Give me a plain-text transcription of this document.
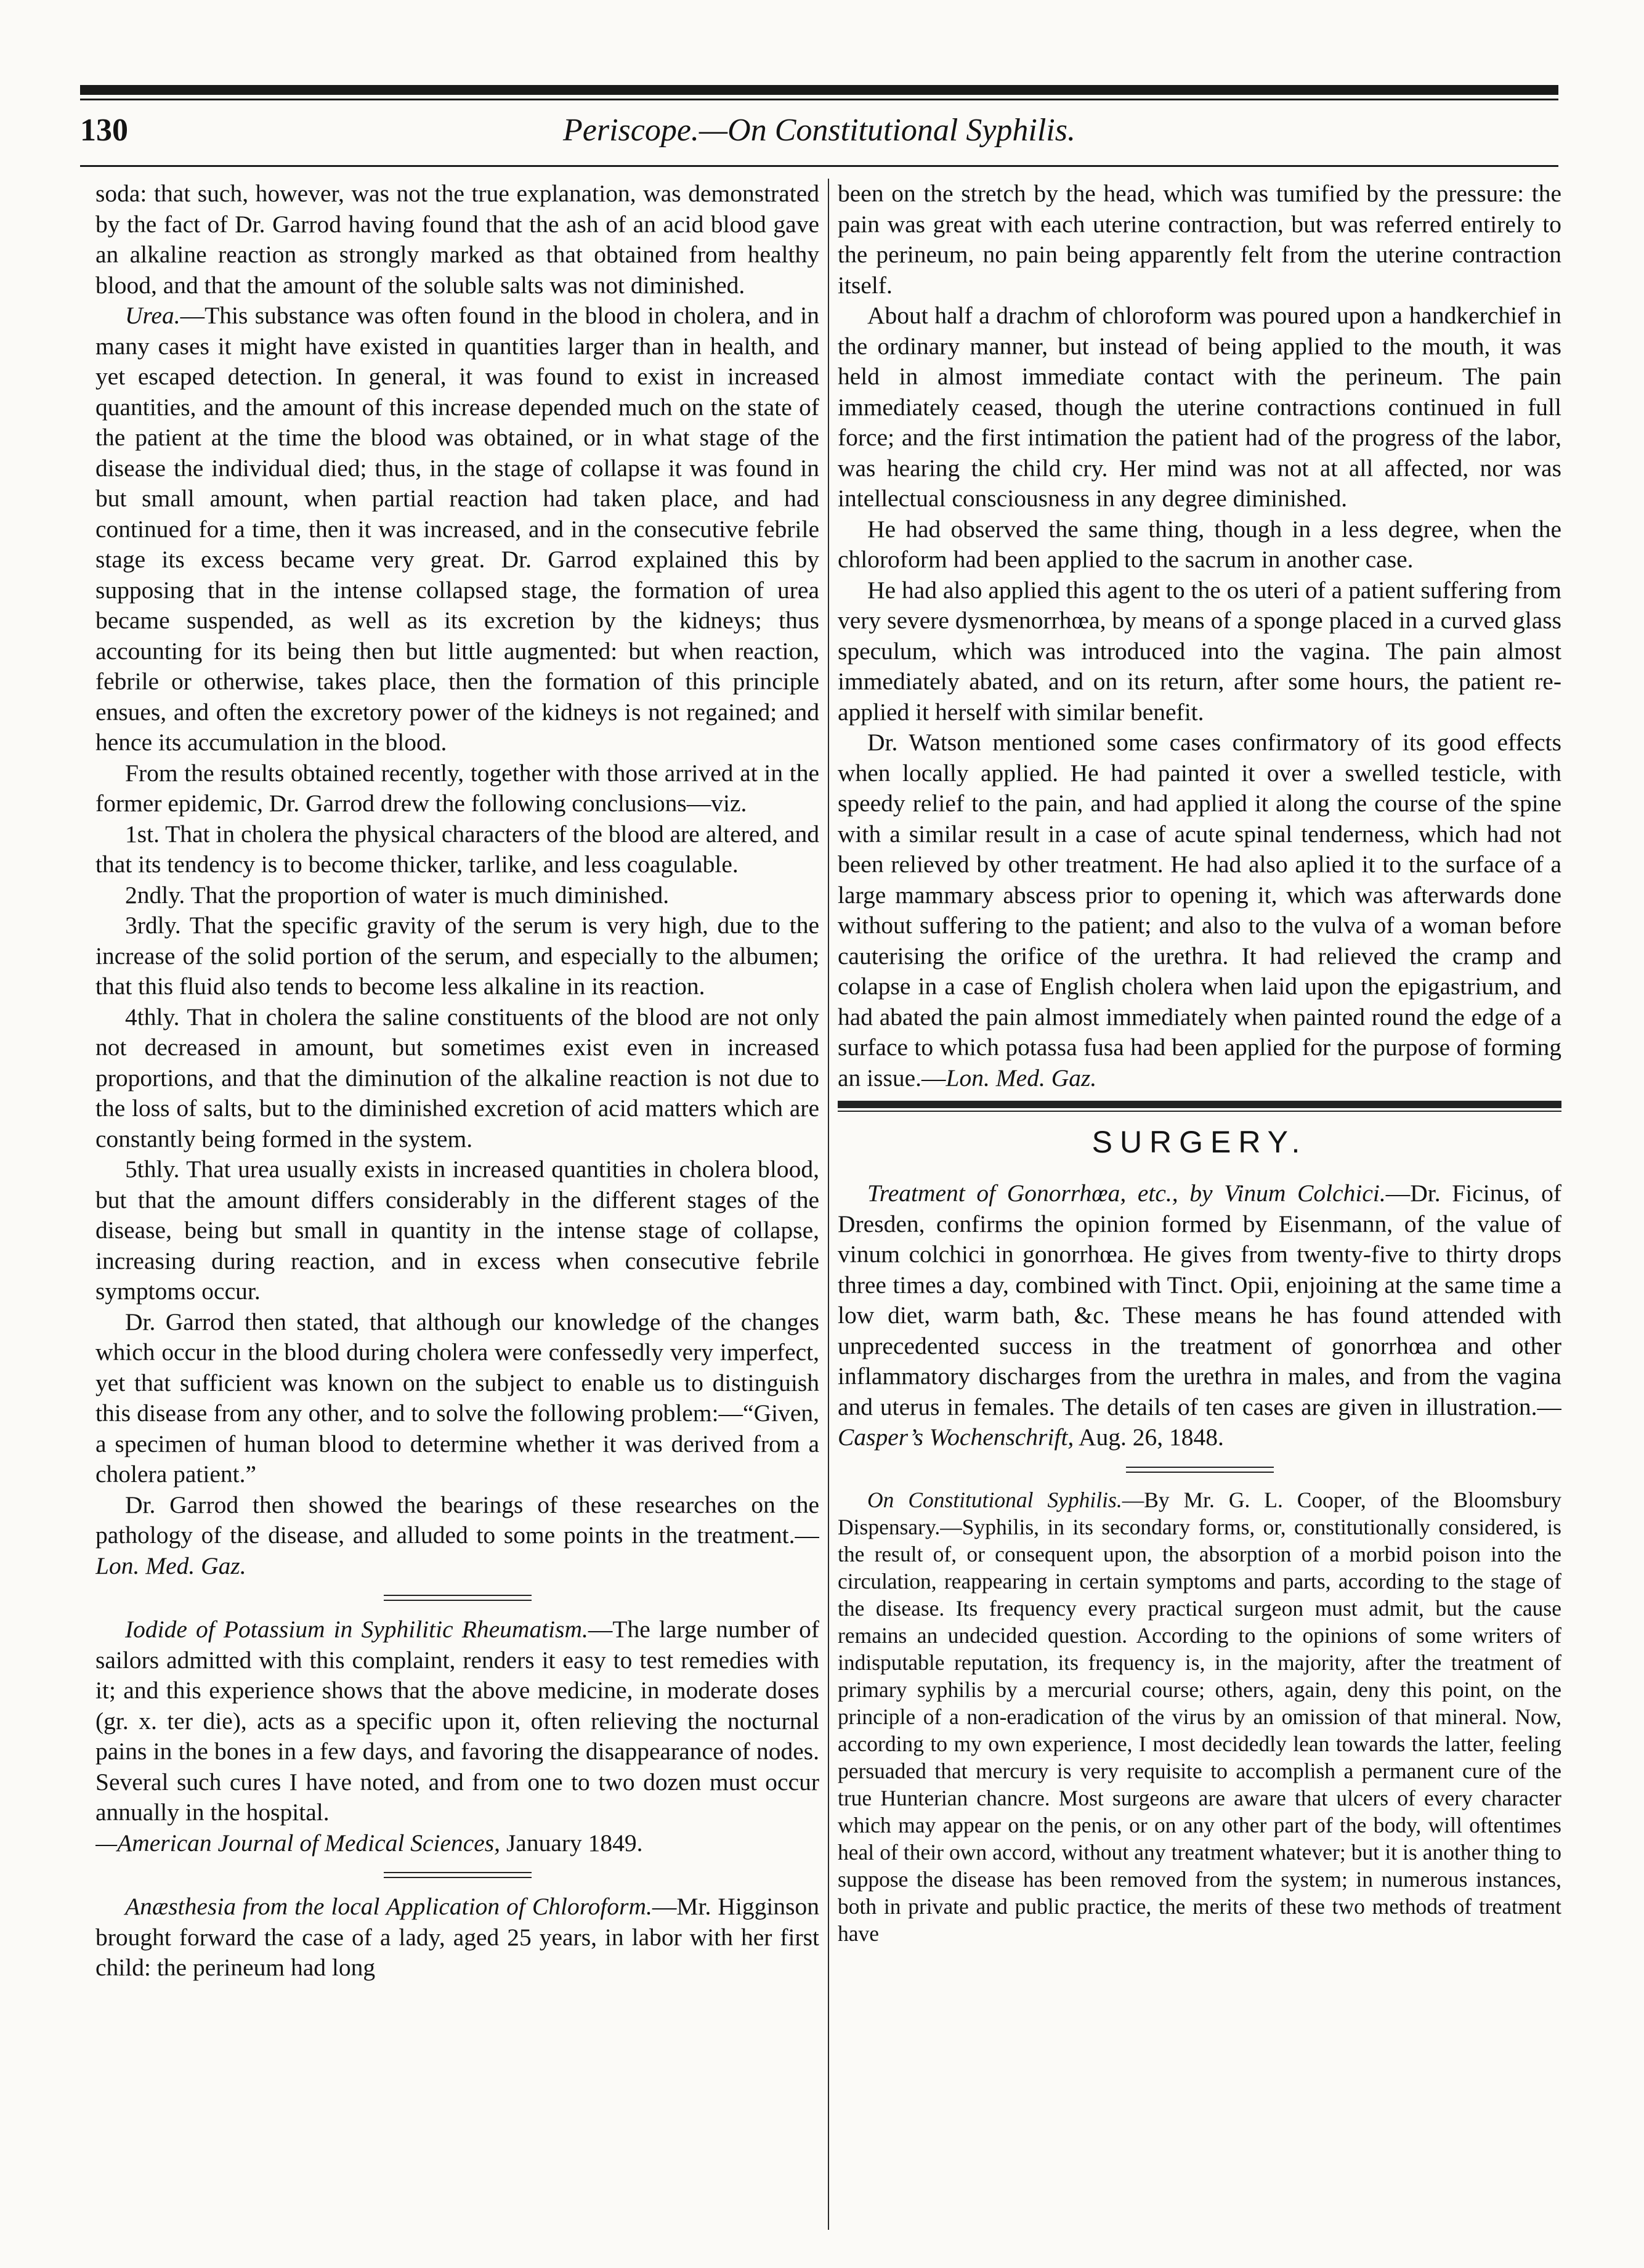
130	Periscope.—On Constitutional Syphilis.

soda: that such, however, was not the true explanation, was demonstrated by the fact of Dr. Garrod having found that the ash of an acid blood gave an alkaline reaction as strongly marked as that obtained from healthy blood, and that the amount of the soluble salts was not diminished.

Urea.—This substance was often found in the blood in cholera, and in many cases it might have existed in quantities larger than in health, and yet escaped detection. In general, it was found to exist in increased quantities, and the amount of this increase depended much on the state of the patient at the time the blood was obtained, or in what stage of the disease the individual died; thus, in the stage of collapse it was found in but small amount, when partial reaction had taken place, and had continued for a time, then it was increased, and in the consecutive febrile stage its excess became very great. Dr. Garrod explained this by supposing that in the intense collapsed stage, the formation of urea became suspended, as well as its excretion by the kidneys; thus accounting for its being then but little augmented: but when reaction, febrile or otherwise, takes place, then the formation of this principle ensues, and often the excretory power of the kidneys is not regained; and hence its accumulation in the blood.

From the results obtained recently, together with those arrived at in the former epidemic, Dr. Garrod drew the following conclusions—viz.

1st. That in cholera the physical characters of the blood are altered, and that its tendency is to become thicker, tarlike, and less coagulable.

2ndly. That the proportion of water is much diminished.

3rdly. That the specific gravity of the serum is very high, due to the increase of the solid portion of the serum, and especially to the albumen; that this fluid also tends to become less alkaline in its reaction.

4thly. That in cholera the saline constituents of the blood are not only not decreased in amount, but sometimes exist even in increased proportions, and that the diminution of the alkaline reaction is not due to the loss of salts, but to the diminished excretion of acid matters which are constantly being formed in the system.

5thly. That urea usually exists in increased quantities in cholera blood, but that the amount differs considerably in the different stages of the disease, being but small in quantity in the intense stage of collapse, increasing during reaction, and in excess when consecutive febrile symptoms occur.

Dr. Garrod then stated, that although our knowledge of the changes which occur in the blood during cholera were confessedly very imperfect, yet that sufficient was known on the subject to enable us to distinguish this disease from any other, and to solve the following problem:—“Given, a specimen of human blood to determine whether it was derived from a cholera patient.”

Dr. Garrod then showed the bearings of these researches on the pathology of the disease, and alluded to some points in the treatment.—Lon. Med. Gaz.

Iodide of Potassium in Syphilitic Rheumatism.—The large number of sailors admitted with this complaint, renders it easy to test remedies with it; and this experience shows that the above medicine, in moderate doses (gr. x. ter die), acts as a specific upon it, often relieving the nocturnal pains in the bones in a few days, and favoring the disappearance of nodes. Several such cures I have noted, and from one to two dozen must occur annually in the hospital.
—American Journal of Medical Sciences, January 1849.

Anæsthesia from the local Application of Chloroform.—Mr. Higginson brought forward the case of a lady, aged 25 years, in labor with her first child: the perineum had long

been on the stretch by the head, which was tumified by the pressure: the pain was great with each uterine contraction, but was referred entirely to the perineum, no pain being apparently felt from the uterine contraction itself.

About half a drachm of chloroform was poured upon a handkerchief in the ordinary manner, but instead of being applied to the mouth, it was held in almost immediate contact with the perineum. The pain immediately ceased, though the uterine contractions continued in full force; and the first intimation the patient had of the progress of the labor, was hearing the child cry. Her mind was not at all affected, nor was intellectual consciousness in any degree diminished.

He had observed the same thing, though in a less degree, when the chloroform had been applied to the sacrum in another case.

He had also applied this agent to the os uteri of a patient suffering from very severe dysmenorrhœa, by means of a sponge placed in a curved glass speculum, which was introduced into the vagina. The pain almost immediately abated, and on its return, after some hours, the patient re-applied it herself with similar benefit.

Dr. Watson mentioned some cases confirmatory of its good effects when locally applied. He had painted it over a swelled testicle, with speedy relief to the pain, and had applied it along the course of the spine with a similar result in a case of acute spinal tenderness, which had not been relieved by other treatment. He had also aplied it to the surface of a large mammary abscess prior to opening it, which was afterwards done without suffering to the patient; and also to the vulva of a woman before cauterising the orifice of the urethra. It had relieved the cramp and colapse in a case of English cholera when laid upon the epigastrium, and had abated the pain almost immediately when painted round the edge of a surface to which potassa fusa had been applied for the purpose of forming an issue.—Lon. Med. Gaz.

SURGERY.

Treatment of Gonorrhœa, etc., by Vinum Colchici.—Dr. Ficinus, of Dresden, confirms the opinion formed by Eisenmann, of the value of vinum colchici in gonorrhœa. He gives from twenty-five to thirty drops three times a day, combined with Tinct. Opii, enjoining at the same time a low diet, warm bath, &c. These means he has found attended with unprecedented success in the treatment of gonorrhœa and other inflammatory discharges from the urethra in males, and from the vagina and uterus in females. The details of ten cases are given in illustration.—Casper’s Wochenschrift, Aug. 26, 1848.

On Constitutional Syphilis.—By Mr. G. L. Cooper, of the Bloomsbury Dispensary.—Syphilis, in its secondary forms, or, constitutionally considered, is the result of, or consequent upon, the absorption of a morbid poison into the circulation, reappearing in certain symptoms and parts, according to the stage of the disease. Its frequency every practical surgeon must admit, but the cause remains an undecided question. According to the opinions of some writers of indisputable reputation, its frequency is, in the majority, after the treatment of primary syphilis by a mercurial course; others, again, deny this point, on the principle of a non-eradication of the virus by an omission of that mineral. Now, according to my own experience, I most decidedly lean towards the latter, feeling persuaded that mercury is very requisite to accomplish a permanent cure of the true Hunterian chancre. Most surgeons are aware that ulcers of every character which may appear on the penis, or on any other part of the body, will oftentimes heal of their own accord, without any treatment whatever; but it is another thing to suppose the disease has been removed from the system; in numerous instances, both in private and public practice, the merits of these two methods of treatment have
